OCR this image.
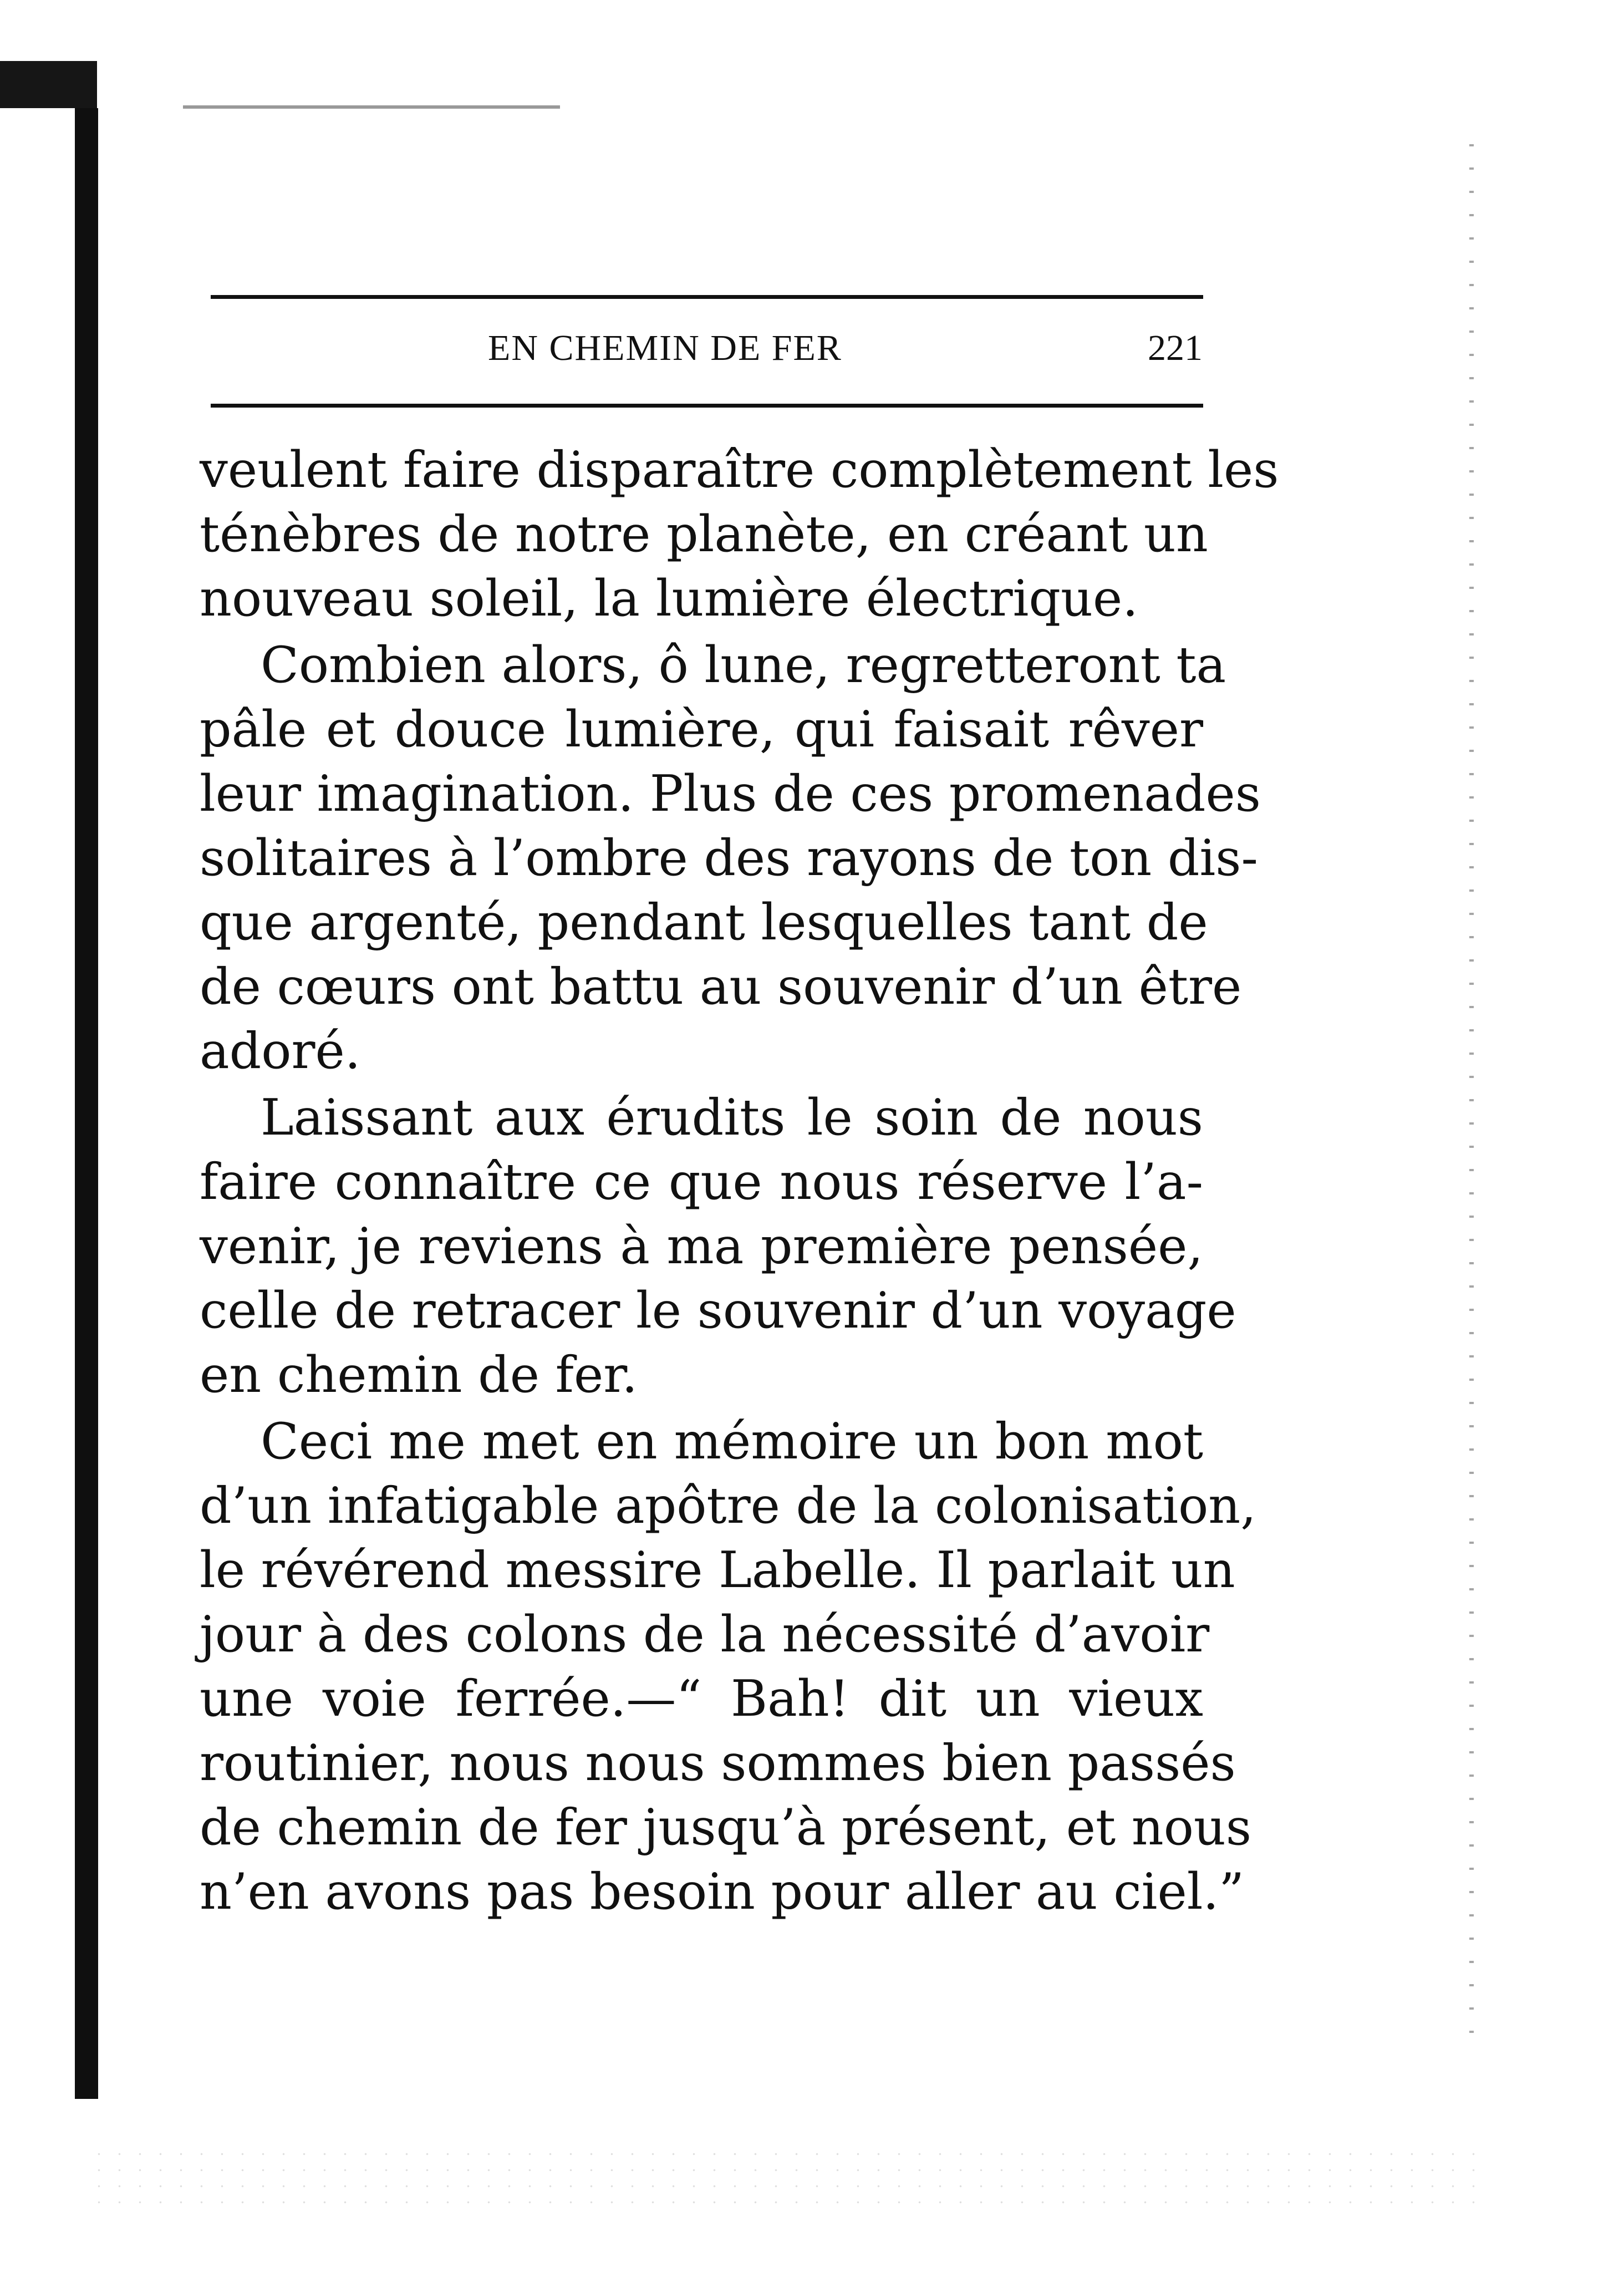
EN CHEMIN DE FER	221
veulent faire disparaître complètement les
ténèbres de notre planète, en créant un
nouveau soleil, la lumière électrique.
Combien alors, ô lune, regretteront ta
pâle et douce lumière, qui faisait rêver
leur imagination. Plus de ces promenades
solitaires à l’ombre des rayons de ton dis-
que argenté, pendant lesquelles tant de
de cœurs ont battu au souvenir d’un être
adoré.
Laissant aux érudits le soin de nous
faire connaître ce que nous réserve l’a-
venir, je reviens à ma première pensée,
celle de retracer le souvenir d’un voyage
en chemin de fer.
Ceci me met en mémoire un bon mot
d’un infatigable apôtre de la colonisation,
le révérend messire Labelle. Il parlait un
jour à des colons de la nécessité d’avoir
une voie ferrée.—“ Bah! dit un vieux
routinier, nous nous sommes bien passés
de chemin de fer jusqu’à présent, et nous
n’en avons pas besoin pour aller au ciel.”
